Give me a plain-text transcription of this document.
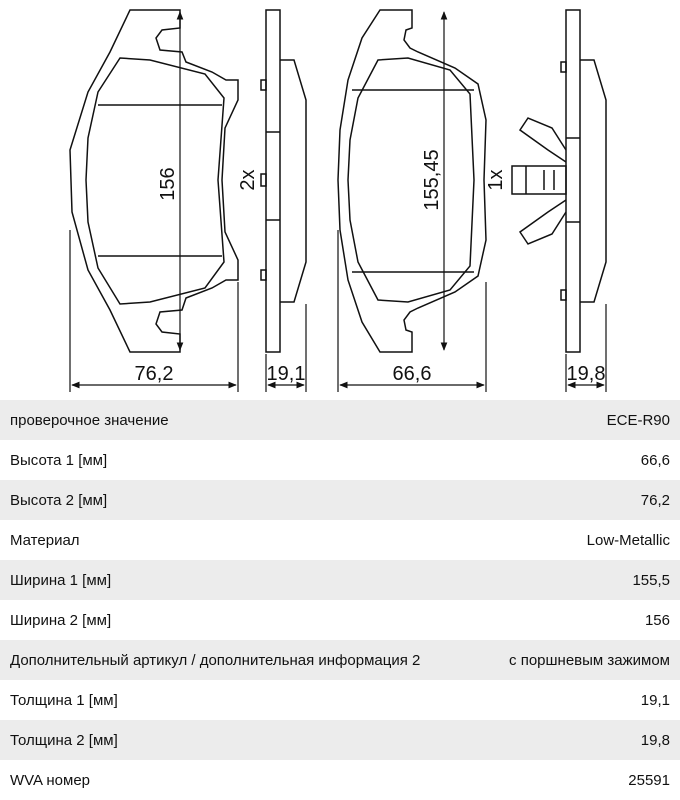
156	2x
76,2	19,1
155,45 1x
66,6	19,8
проверочное значение	ECE-R90
Высота 1 [мм]	66,6
Высота 2 [мм]	76,2
Материал	Low-Metallic
Ширина 1 [мм]	155,5
Ширина 2 [мм]	156
Дополнительный артикул / дополнительная информация 2	с поршневым зажимом
Толщина 1 [мм]	19,1
Толщина 2 [мм]	19,8
WVA номер	25591
